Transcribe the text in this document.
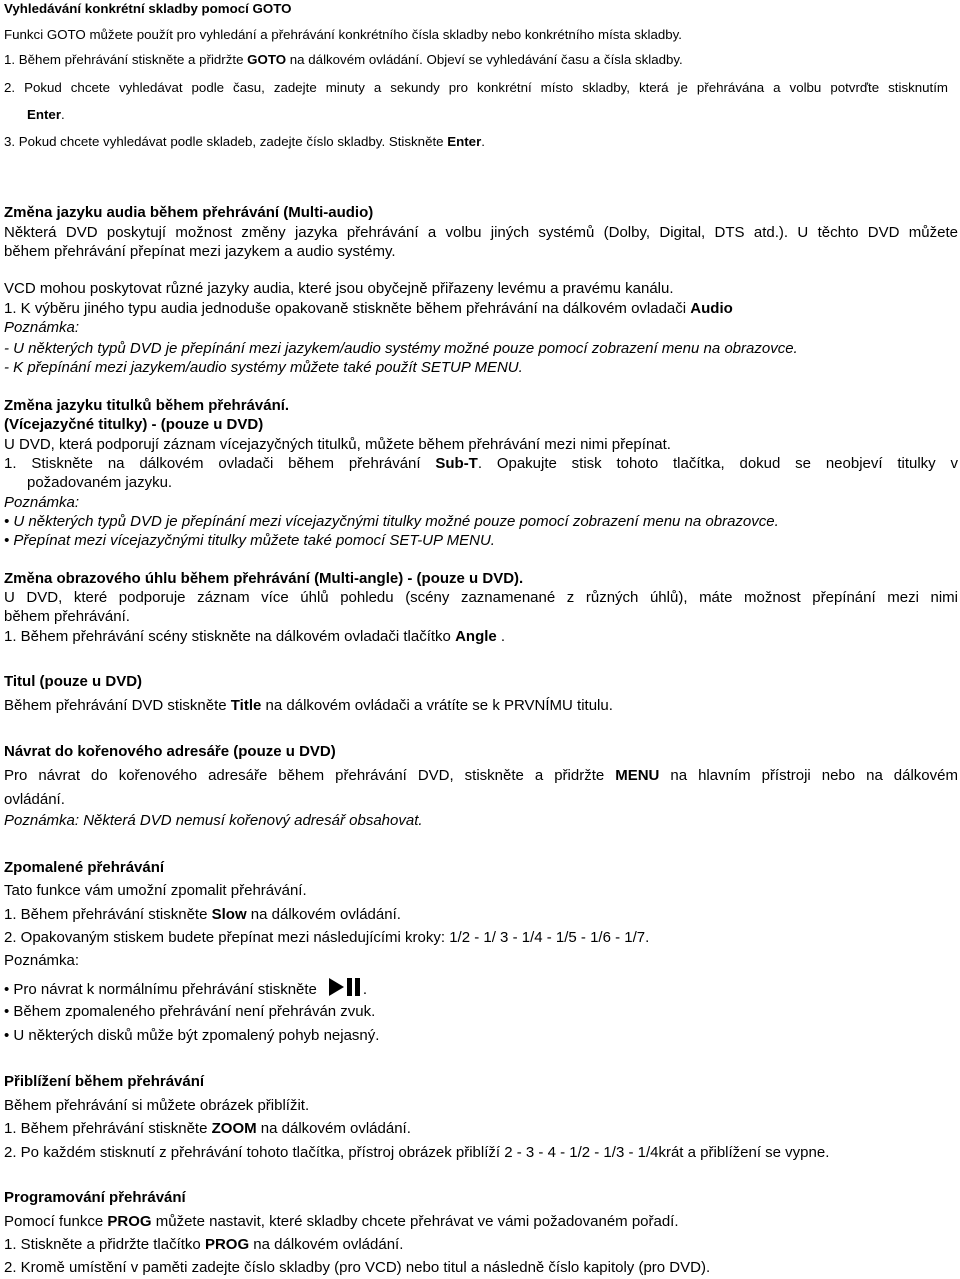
Vyhledávání konkrétní skladby pomocí GOTO
Funkci GOTO můžete použít pro vyhledání a přehrávání konkrétního čísla skladby nebo konkrétního místa skladby.
1. Během přehrávání stiskněte a přidržte GOTO na dálkovém ovládání. Objeví se vyhledávání času a čísla skladby.
2. Pokud chcete vyhledávat podle času, zadejte minuty a sekundy pro konkrétní místo skladby, která je přehrávána a volbu potvrďte stisknutím
Enter.
3. Pokud chcete vyhledávat podle skladeb, zadejte číslo skladby. Stiskněte Enter.
Změna jazyku audia během přehrávání (Multi-audio)
Některá DVD poskytují možnost změny jazyka přehrávání a volbu jiných systémů (Dolby, Digital, DTS atd.). U těchto DVD můžete
během přehrávání přepínat mezi jazykem a audio systémy.
VCD mohou poskytovat různé jazyky audia, které jsou obyčejně přiřazeny levému a pravému kanálu.
1. K výběru jiného typu audia jednoduše opakovaně stiskněte během přehrávání na dálkovém ovladači Audio
Poznámka:
- U některých typů DVD je přepínání mezi jazykem/audio systémy možné pouze pomocí zobrazení menu na obrazovce.
- K přepínání mezi jazykem/audio systémy můžete také použít SETUP MENU.
Změna jazyku titulků během přehrávání.
(Vícejazyčné titulky) - (pouze u DVD)
U DVD, která podporují záznam vícejazyčných titulků, můžete během přehrávání mezi nimi přepínat.
1. Stiskněte na dálkovém ovladači během přehrávání Sub-T. Opakujte stisk tohoto tlačítka, dokud se neobjeví titulky v
požadovaném jazyku.
Poznámka:
• U některých typů DVD je přepínání mezi vícejazyčnými titulky možné pouze pomocí zobrazení menu na obrazovce.
• Přepínat mezi vícejazyčnými titulky můžete také pomocí SET-UP MENU.
Změna obrazového úhlu během přehrávání (Multi-angle) - (pouze u DVD).
U DVD, které podporuje záznam více úhlů pohledu (scény zaznamenané z různých úhlů), máte možnost přepínání mezi nimi
během přehrávání.
1. Během přehrávání scény stiskněte na dálkovém ovladači tlačítko Angle .
Titul (pouze u DVD)
Během přehrávání DVD stiskněte Title na dálkovém ovládači a vrátíte se k PRVNÍMU titulu.
Návrat do kořenového adresáře (pouze u DVD)
Pro návrat do kořenového adresáře během přehrávání DVD, stiskněte a přidržte MENU na hlavním přístroji nebo na dálkovém
ovládání.
Poznámka: Některá DVD nemusí kořenový adresář obsahovat.
Zpomalené přehrávání
Tato funkce vám umožní zpomalit přehrávání.
1. Během přehrávání stiskněte Slow na dálkovém ovládání.
2. Opakovaným stiskem budete přepínat mezi následujícími kroky: 1/2 - 1/ 3 - 1/4 - 1/5 - 1/6 - 1/7.
Poznámka:
• Pro návrat k normálnímu přehrávání stiskněte	.
• Během zpomaleného přehrávání není přehráván zvuk.
• U některých disků může být zpomalený pohyb nejasný.
Přiblížení během přehrávání
Během přehrávání si můžete obrázek přiblížit.
1. Během přehrávání stiskněte ZOOM na dálkovém ovládání.
2. Po každém stisknutí z přehrávání tohoto tlačítka, přístroj obrázek přiblíží 2 - 3 - 4 - 1/2 - 1/3 - 1/4krát a přiblížení se vypne.
Programování přehrávání
Pomocí funkce PROG můžete nastavit, které skladby chcete přehrávat ve vámi požadovaném pořadí.
1. Stiskněte a přidržte tlačítko PROG na dálkovém ovládání.
2. Kromě umístění v paměti zadejte číslo skladby (pro VCD) nebo titul a následně číslo kapitoly (pro DVD).
